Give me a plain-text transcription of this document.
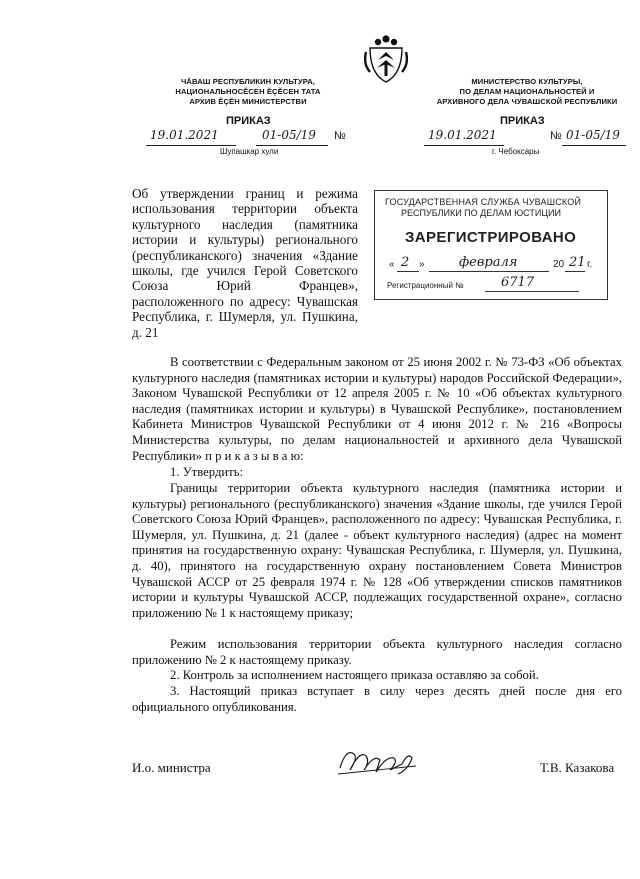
ЧĂВАШ РЕСПУБЛИКИН КУЛЬТУРА,
НАЦИОНАЛЬНОСĔСЕН ĔÇĔСЕН ТАТА
АРХИВ ĔÇĔН МИНИСТЕРСТВИ
МИНИСТЕРСТВО КУЛЬТУРЫ,
ПО ДЕЛАМ НАЦИОНАЛЬНОСТЕЙ И
АРХИВНОГО ДЕЛА ЧУВАШСКОЙ РЕСПУБЛИКИ
ПРИКАЗ
19.01.2021	01-05/19 №
Шупашкар хули
ПРИКАЗ
19.01.2021	№ 01-05/19
г. Чебоксары
Об утверждении границ и режима использования территории объекта культурного наследия (памятника истории и культуры) регионального (республиканского) значения «Здание школы, где учился Герой Советского Союза Юрий Францев», расположенного по адресу: Чувашская Республика, г. Шумерля, ул. Пушкина, д. 21
ГОСУДАРСТВЕННАЯ СЛУЖБА ЧУВАШСКОЙ
РЕСПУБЛИКИ ПО ДЕЛАМ ЮСТИЦИИ
ЗАРЕГИСТРИРОВАНО
« 2 »	февраля	20 21 г.
Регистрационный №	6717

В соответствии с Федеральным законом от 25 июня 2002 г. № 73-ФЗ «Об объектах культурного наследия (памятниках истории и культуры) народов Российской Федерации», Законом Чувашской Республики от 12 апреля 2005 г. № 10 «Об объектах культурного наследия (памятниках истории и культуры) в Чувашской Республике», постановлением Кабинета Министров Чувашской Республики от 4 июня 2012 г. № 216 «Вопросы Министерства культуры, по делам национальностей и архивного дела Чувашской Республики» п р и к а з ы в а ю:

1. Утвердить:

Границы территории объекта культурного наследия (памятника истории и культуры) регионального (республиканского) значения «Здание школы, где учился Герой Советского Союза Юрий Францев», расположенного по адресу: Чувашская Республика, г. Шумерля, ул. Пушкина, д. 21 (далее - объект культурного наследия) (адрес на момент принятия на государственную охрану: Чувашская Республика, г. Шумерля, ул. Пушкина, д. 40), принятого на государственную охрану постановлением Совета Министров Чувашской АССР от 25 февраля 1974 г. № 128 «Об утверждении списков памятников истории и культуры Чувашской АССР, подлежащих государственной охране», согласно приложению № 1 к настоящему приказу;

Режим использования территории объекта культурного наследия согласно приложению № 2 к настоящему приказу.

2. Контроль за исполнением настоящего приказа оставляю за собой.

3. Настоящий приказ вступает в силу через десять дней после дня его официального опубликования.

И.о. министра	Т.В. Казакова
